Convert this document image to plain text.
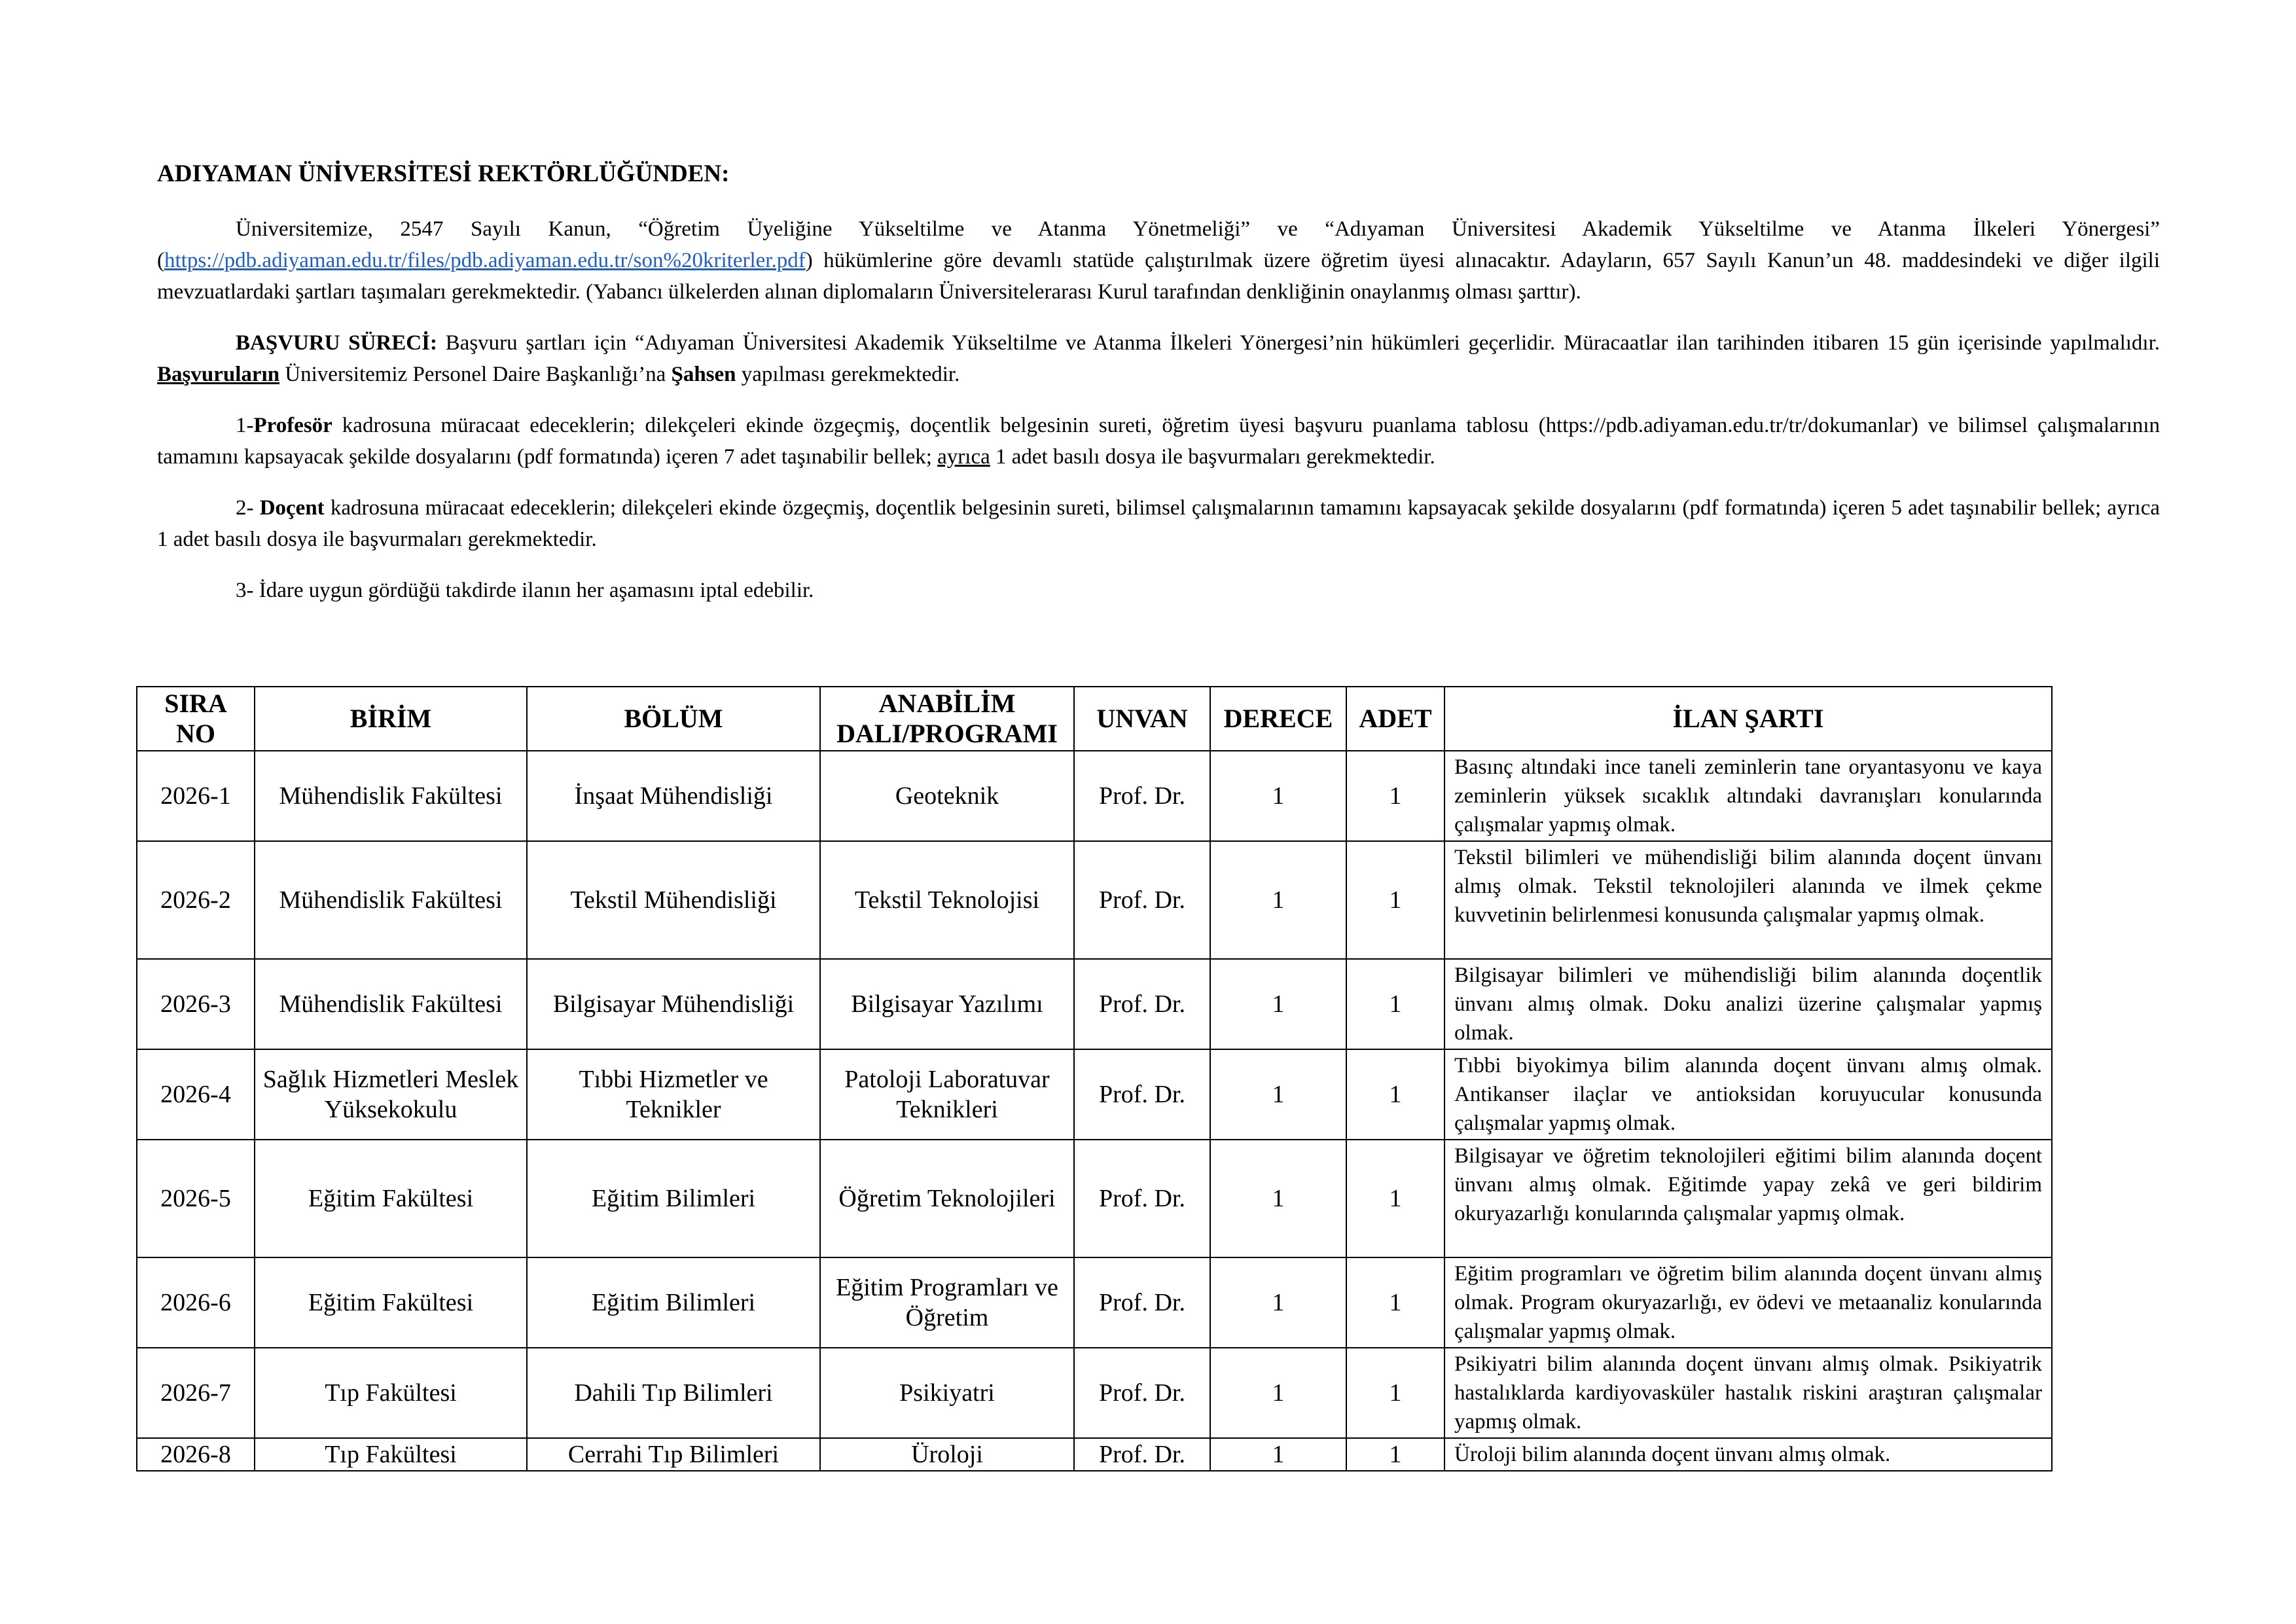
ADIYAMAN ÜNİVERSİTESİ REKTÖRLÜĞÜNDEN:

Üniversitemize, 2547 Sayılı Kanun, “Öğretim Üyeliğine Yükseltilme ve Atanma Yönetmeliği” ve “Adıyaman Üniversitesi Akademik Yükseltilme ve Atanma İlkeleri Yönergesi” (https://pdb.adiyaman.edu.tr/files/pdb.adiyaman.edu.tr/son%20kriterler.pdf) hükümlerine göre devamlı statüde çalıştırılmak üzere öğretim üyesi alınacaktır. Adayların, 657 Sayılı Kanun’un 48. maddesindeki ve diğer ilgili mevzuatlardaki şartları taşımaları gerekmektedir. (Yabancı ülkelerden alınan diplomaların Üniversitelerarası Kurul tarafından denkliğinin onaylanmış olması şarttır).

BAŞVURU SÜRECİ: Başvuru şartları için “Adıyaman Üniversitesi Akademik Yükseltilme ve Atanma İlkeleri Yönergesi’nin hükümleri geçerlidir. Müracaatlar ilan tarihinden itibaren 15 gün içerisinde yapılmalıdır. Başvuruların Üniversitemiz Personel Daire Başkanlığı’na Şahsen yapılması gerekmektedir.

1-Profesör kadrosuna müracaat edeceklerin; dilekçeleri ekinde özgeçmiş, doçentlik belgesinin sureti, öğretim üyesi başvuru puanlama tablosu (https://pdb.adiyaman.edu.tr/tr/dokumanlar) ve bilimsel çalışmalarının tamamını kapsayacak şekilde dosyalarını (pdf formatında) içeren 7 adet taşınabilir bellek; ayrıca 1 adet basılı dosya ile başvurmaları gerekmektedir.

2- Doçent kadrosuna müracaat edeceklerin; dilekçeleri ekinde özgeçmiş, doçentlik belgesinin sureti, bilimsel çalışmalarının tamamını kapsayacak şekilde dosyalarını (pdf formatında) içeren 5 adet taşınabilir bellek; ayrıca 1 adet basılı dosya ile başvurmaları gerekmektedir.

3- İdare uygun gördüğü takdirde ilanın her aşamasını iptal edebilir.

SIRA NO	BİRİM	BÖLÜM	ANABİLİM DALI/PROGRAMI	UNVAN	DERECE	ADET	İLAN ŞARTI
2026-1	Mühendislik Fakültesi	İnşaat Mühendisliği	Geoteknik	Prof. Dr.	1	1	Basınç altındaki ince taneli zeminlerin tane oryantasyonu ve kaya zeminlerin yüksek sıcaklık altındaki davranışları konularında çalışmalar yapmış olmak.
2026-2	Mühendislik Fakültesi	Tekstil Mühendisliği	Tekstil Teknolojisi	Prof. Dr.	1	1	Tekstil bilimleri ve mühendisliği bilim alanında doçent ünvanı almış olmak. Tekstil teknolojileri alanında ve ilmek çekme kuvvetinin belirlenmesi konusunda çalışmalar yapmış olmak.
2026-3	Mühendislik Fakültesi	Bilgisayar Mühendisliği	Bilgisayar Yazılımı	Prof. Dr.	1	1	Bilgisayar bilimleri ve mühendisliği bilim alanında doçentlik ünvanı almış olmak. Doku analizi üzerine çalışmalar yapmış olmak.
2026-4	Sağlık Hizmetleri Meslek Yüksekokulu	Tıbbi Hizmetler ve Teknikler	Patoloji Laboratuvar Teknikleri	Prof. Dr.	1	1	Tıbbi biyokimya bilim alanında doçent ünvanı almış olmak. Antikanser ilaçlar ve antioksidan koruyucular konusunda çalışmalar yapmış olmak.
2026-5	Eğitim Fakültesi	Eğitim Bilimleri	Öğretim Teknolojileri	Prof. Dr.	1	1	Bilgisayar ve öğretim teknolojileri eğitimi bilim alanında doçent ünvanı almış olmak. Eğitimde yapay zekâ ve geri bildirim okuryazarlığı konularında çalışmalar yapmış olmak.
2026-6	Eğitim Fakültesi	Eğitim Bilimleri	Eğitim Programları ve Öğretim	Prof. Dr.	1	1	Eğitim programları ve öğretim bilim alanında doçent ünvanı almış olmak. Program okuryazarlığı, ev ödevi ve metaanaliz konularında çalışmalar yapmış olmak.
2026-7	Tıp Fakültesi	Dahili Tıp Bilimleri	Psikiyatri	Prof. Dr.	1	1	Psikiyatri bilim alanında doçent ünvanı almış olmak. Psikiyatrik hastalıklarda kardiyovasküler hastalık riskini araştıran çalışmalar yapmış olmak.
2026-8	Tıp Fakültesi	Cerrahi Tıp Bilimleri	Üroloji	Prof. Dr.	1	1	Üroloji bilim alanında doçent ünvanı almış olmak.
